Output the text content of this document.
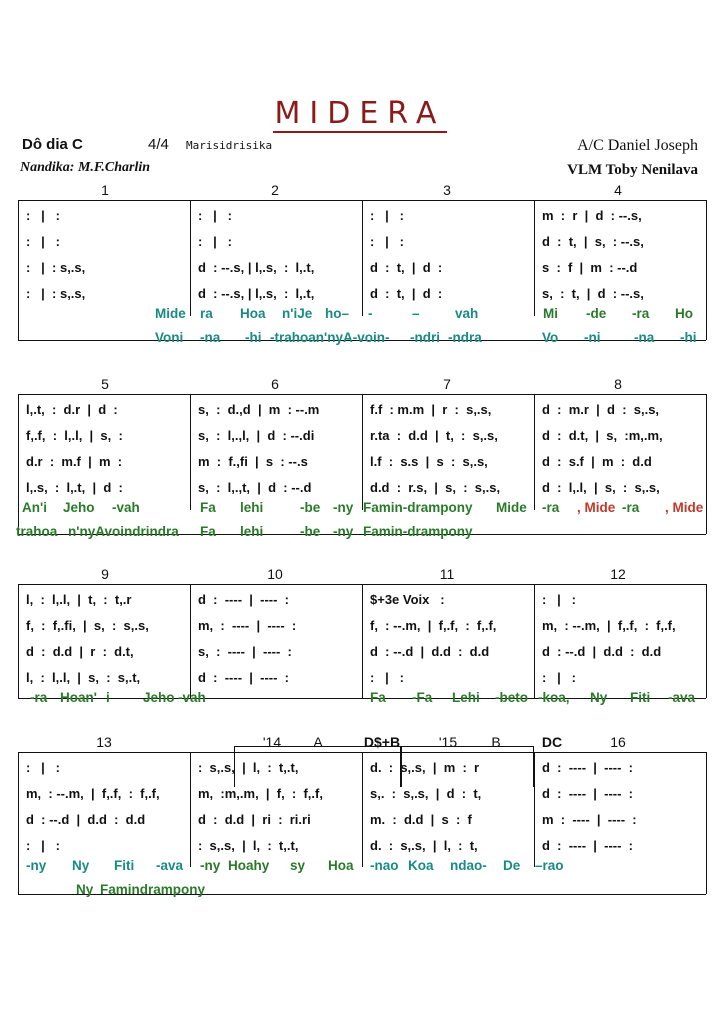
MIDERA
Dô dia C	4/4 Marisidrisika	A/C Daniel Joseph
Nandika: M.F.Charlin	VLM Toby Nenilava
1	2	3	4
:   |   :	:   |   :	:   |   :	m  :  r  |  d  : --.s,
:   |   :	:   |   :	:   |   :	d  :  t,  |  s,  : --.s,
:   |  : s,.s,	d  : --.s, | l,.s,  :  l,.t,	d  :  t,  |  d  :	s  :  f  |  m  : --.d
:   |  : s,.s,	d  : --.s, | l,.s,  :  l,.t,	d  :  t,  |  d  :	s,  :  t,  |  d  : --.s,
Mide ra Hoa n'iJe ho– -	–	vah	Mi -de -ra Ho
Voni -na -hi -trahoan'nyA-voin- -ndri -ndra	Vo -ni -na -hi
5	6	7	8
l,.t,  :  d.r  |  d  :	s,  :  d.,d  |  m  : --.m	f.f  : m.m  |  r  :  s,.s,	d  :  m.r  |  d  :  s,.s,
f,.f,  :  l,.l,  |  s,  :	s,  :  l,.,l,  |  d  : --.di	r.ta  :  d.d  |  t,  :  s,.s,	d  :  d.t,  |  s,  :m,.m,
d.r  :  m.f  |  m  :	m  :  f.,fi  |  s  : --.s	l.f  :  s.s  |  s  :  s,.s,	d  :  s.f  |  m  :  d.d
l,.s,  :  l,.t,  |  d  :	s,  :  l,.,t,  |  d  : --.d	d.d  :  r.s,  |  s,  :  s,.s,	d  :  l,.l,  |  s,  :  s,.s,
An'i Jeho -vah	Fa lehi	-be -ny Famin-drampony Mide -ra , Mide -ra , Mide
trahoa n'nyAvoindrindra Fa lehi	-be -ny Famin-drampony
9	10	11	12
l,  :  l,.l,  |  t,  :  t,.r	d  :  ----  |  ----  :	$+3e Voix   :	:   |   :
f,  :  f,.fi,  |  s,  :  s,.s,	m,  :  ----  |  ----  :	f,  : --.m,  |  f,.f,  :  f,.f,	m,  : --.m,  |  f,.f,  :  f,.f,
d  :  d.d  |  r  :  d.t,	s,  :  ----  |  ----  :	d  : --.d  |  d.d  :  d.d	d  : --.d  |  d.d  :  d.d
l,  :  l,.l,  |  s,  :  s,.t,	d  :  ----  |  ----  :	:   |   :	:   |   :
-ra Hoan' i Jeho -vah	Fa -Fa Lehi -beto -koa, Ny Fiti -ava
13	'14 A	D$+B	'15 B	DC	16
:   |   :	:  s,.s,  |  l,  :  t,.t,	d.  :  s,.s,  |  m  :  r	d  :  ----  |  ----  :
m,  : --.m,  |  f,.f,  :  f,.f,	m,  :m,.m,  |  f,  :  f,.f,	s,.  :  s,.s,  |  d  :  t,	d  :  ----  |  ----  :
d  : --.d  |  d.d  :  d.d	d  :  d.d  |  ri  :  ri.ri	m.  :  d.d  |  s  :  f	m  :  ----  |  ----  :
:   |   :	:  s,.s,  |  l,  :  t,.t,	d.  :  s,.s,  |  l,  :  t,	d  :  ----  |  ----  :
-ny Ny Fiti -ava -ny Hoahy sy Hoa -nao Koa ndao- De –rao
Ny Famindrampony
